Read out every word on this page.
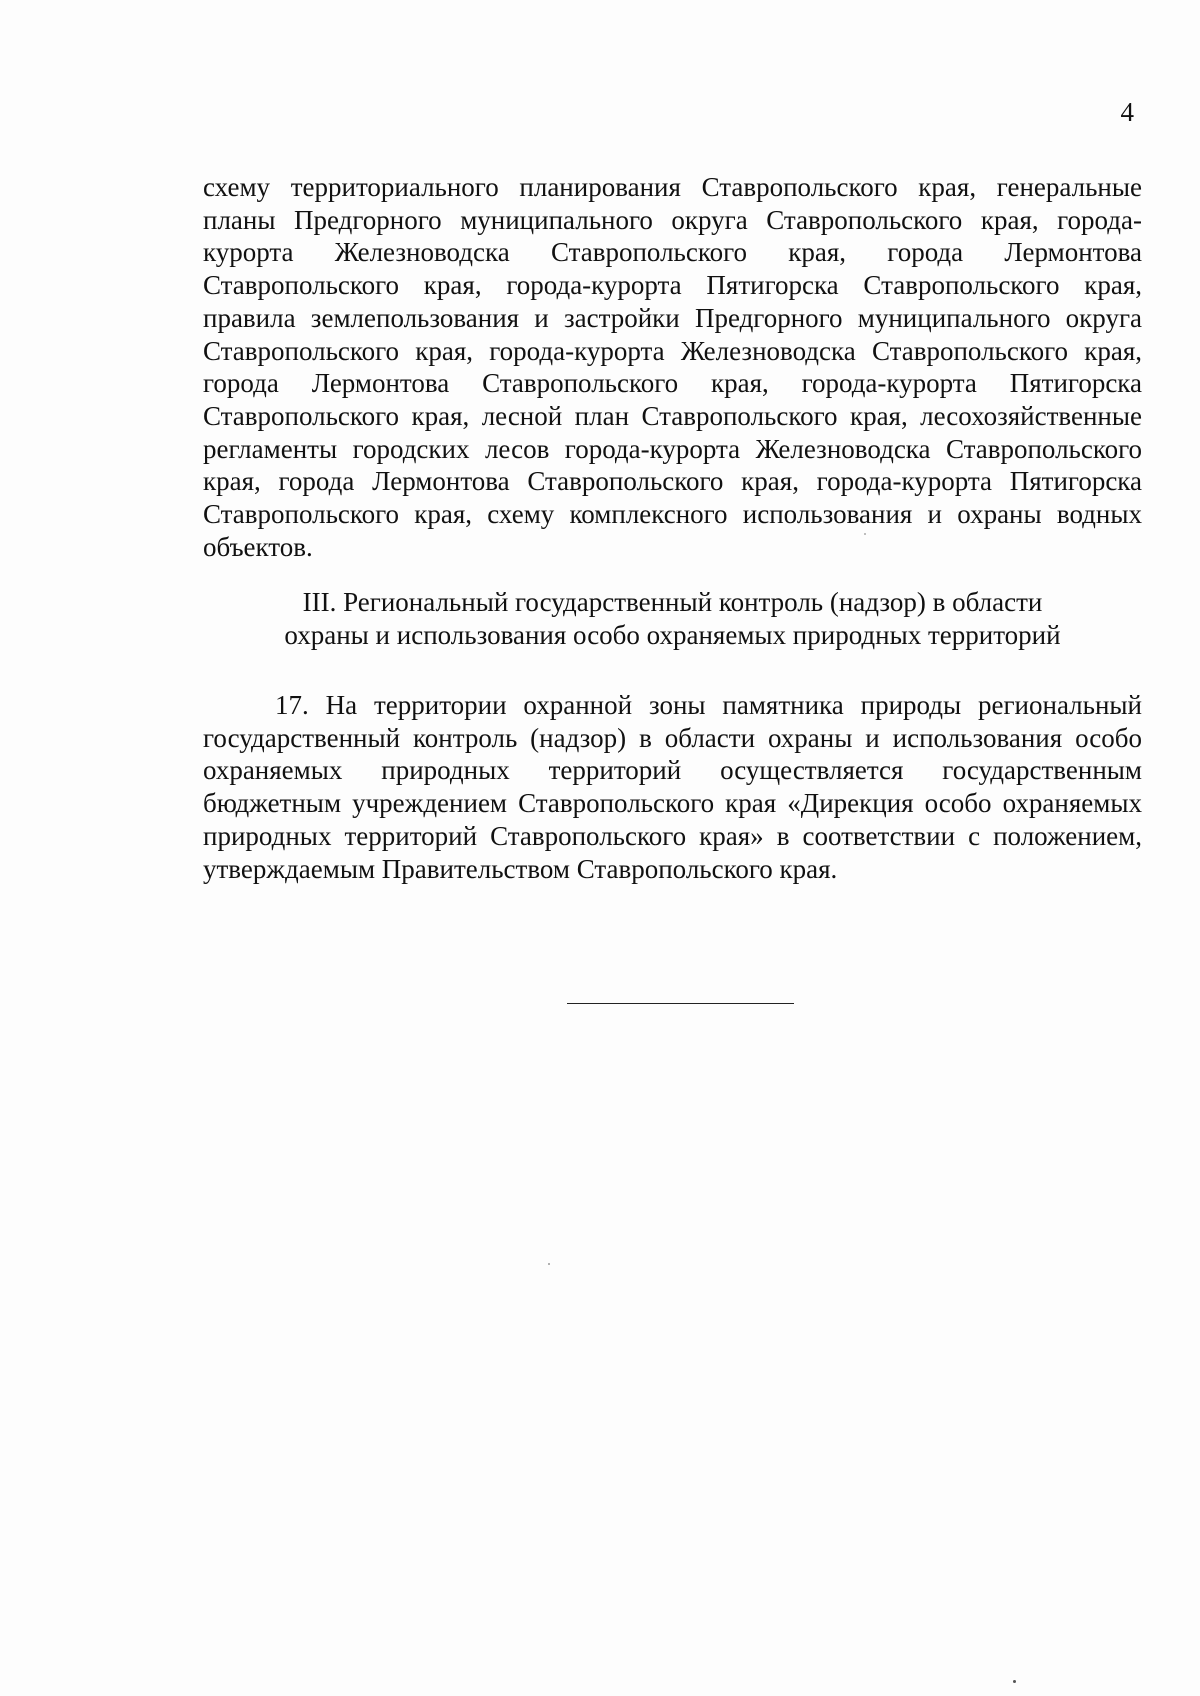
4

схему территориального планирования Ставропольского края, генеральные планы Предгорного муниципального округа Ставропольского края, города-курорта Железноводска Ставропольского края, города Лермонтова Ставропольского края, города-курорта Пятигорска Ставропольского края, правила землепользования и застройки Предгорного муниципального округа Ставропольского края, города-курорта Железноводска Ставропольского края, города Лермонтова Ставропольского края, города-курорта Пятигорска Ставропольского края, лесной план Ставропольского края, лесохозяйственные регламенты городских лесов города-курорта Железноводска Ставропольского края, города Лермонтова Ставропольского края, города-курорта Пятигорска Ставропольского края, схему комплексного использования и охраны водных объектов.

III. Региональный государственный контроль (надзор) в области
охраны и использования особо охраняемых природных территорий

17. На территории охранной зоны памятника природы региональный государственный контроль (надзор) в области охраны и использования особо охраняемых природных территорий осуществляется государственным бюджетным учреждением Ставропольского края «Дирекция особо охраняемых природных территорий Ставропольского края» в соответствии с положением, утверждаемым Правительством Ставропольского края.
